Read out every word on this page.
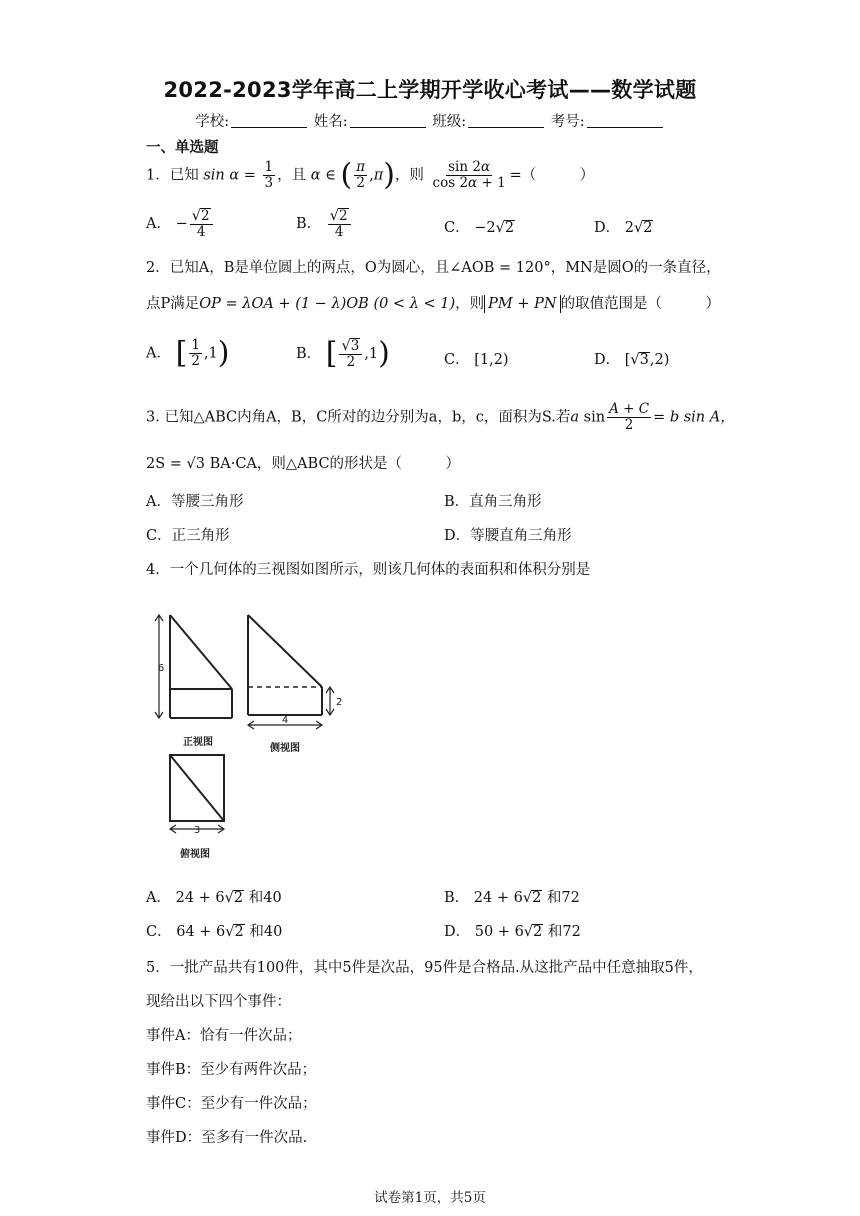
2022-2023学年高二上学期开学收心考试——数学试题
学校:	姓名:	班级:	考号:
一、单选题
1．已知 $\sin \alpha = \frac{1}{3}$ ，且 α ∈ ( $\frac{\pi}{2} ,\pi$)，则 $\frac{\sin 2\alpha}{\cos 2\alpha + 1}$ =（　　　）
A． − $\frac{√2}{4}$	B． $\frac{√2}{4}$	C． −2√2	D． 2√2
2．已知A，B是单位圆上的两点，O为圆心，且∠AOB = 120°，MN是圆O的一条直径，
点P满足OP = λOA + (1 − λ)OB (0 < λ < 1)，则 PM + PN 的取值范围是（　　　）
A． [ $\frac{1}{2} ,1$)	B． [ $\frac{√3}{2} ,1$)	C． [1,2)	D． [√3,2)
3. 已知△ABC内角A，B，C所对的边分别为a，b，c，面积为S.若a $\sin \frac{A + C}{2} = b$ sin A，
2S = √3 BA·CA，则△ABC的形状是（　　　）
A．等腰三角形	B．直角三角形
C．正三角形	D．等腰直角三角形
4．一个几何体的三视图如图所示，则该几何体的表面积和体积分别是
6
2
4
3
正视图
侧视图
俯视图
A． 24 + 6√2 和40	B． 24 + 6√2 和72
C． 64 + 6√2 和40	D． 50 + 6√2 和72
5．一批产品共有100件，其中5件是次品，95件是合格品.从这批产品中任意抽取5件，
现给出以下四个事件：
事件A：恰有一件次品；
事件B：至少有两件次品；
事件C：至少有一件次品；
事件D：至多有一件次品.
试卷第1页，共5页
